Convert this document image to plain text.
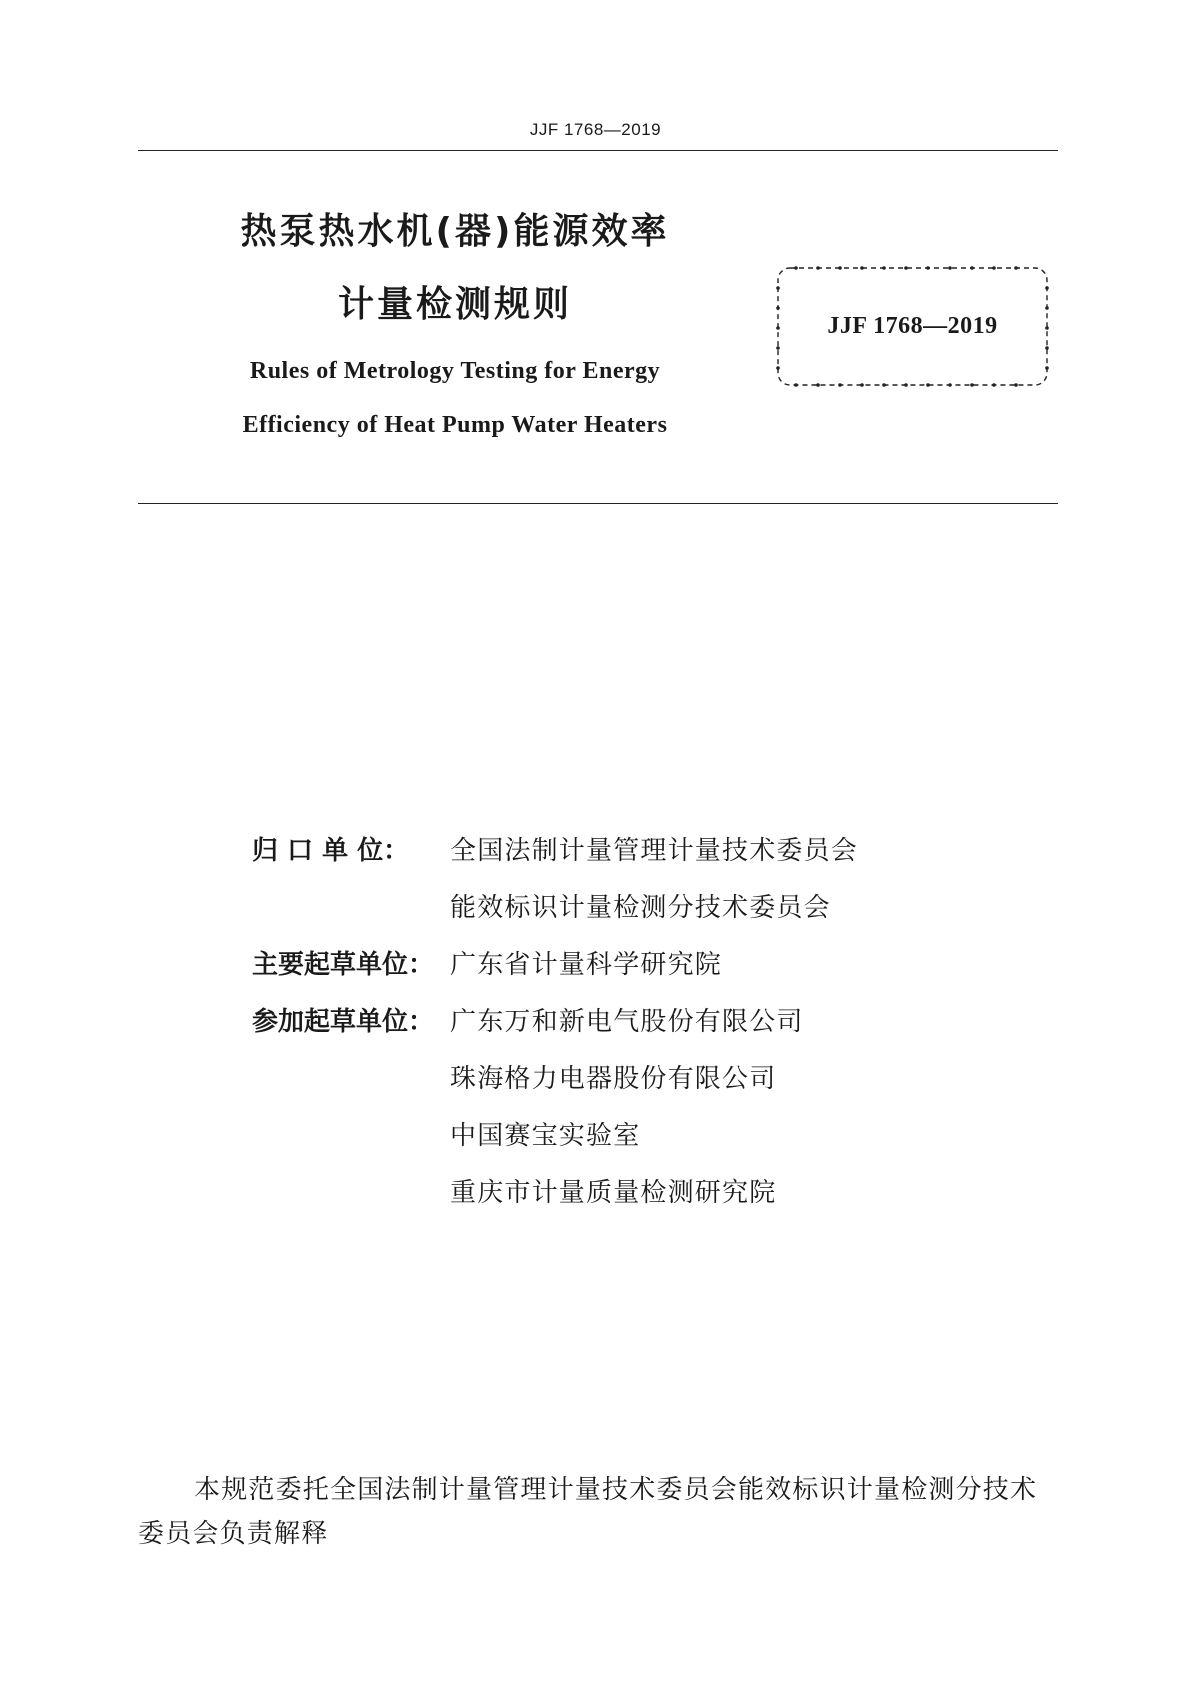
JJF 1768—2019
热泵热水机(器)能源效率
计量检测规则
Rules of Metrology Testing for Energy
Efficiency of Heat Pump Water Heaters
JJF 1768—2019
归 口 单 位：	全国法制计量管理计量技术委员会
能效标识计量检测分技术委员会
主要起草单位： 广东省计量科学研究院
参加起草单位： 广东万和新电气股份有限公司
珠海格力电器股份有限公司
中国赛宝实验室
重庆市计量质量检测研究院
本规范委托全国法制计量管理计量技术委员会能效标识计量检测分技术委员会负责解释
